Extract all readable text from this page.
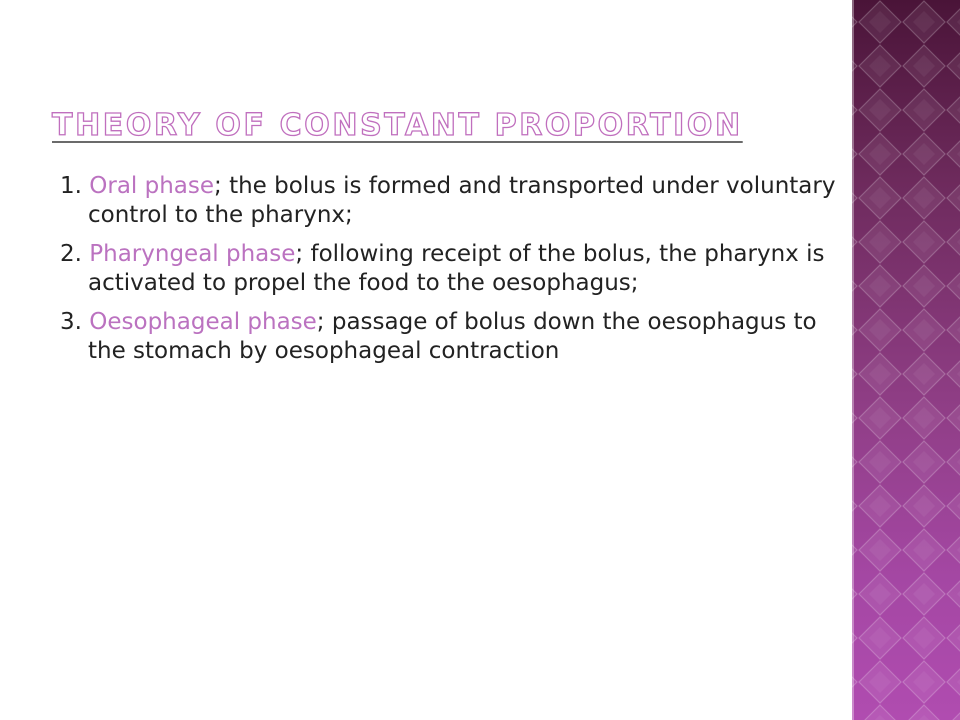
THEORY OF CONSTANT PROPORTION
1. Oral phase; the bolus is formed and transported under voluntary control to the pharynx;
2. Pharyngeal phase; following receipt of the bolus, the pharynx is activated to propel the food to the oesophagus;
3. Oesophageal phase; passage of bolus down the oesophagus to the stomach by oesophageal contraction
